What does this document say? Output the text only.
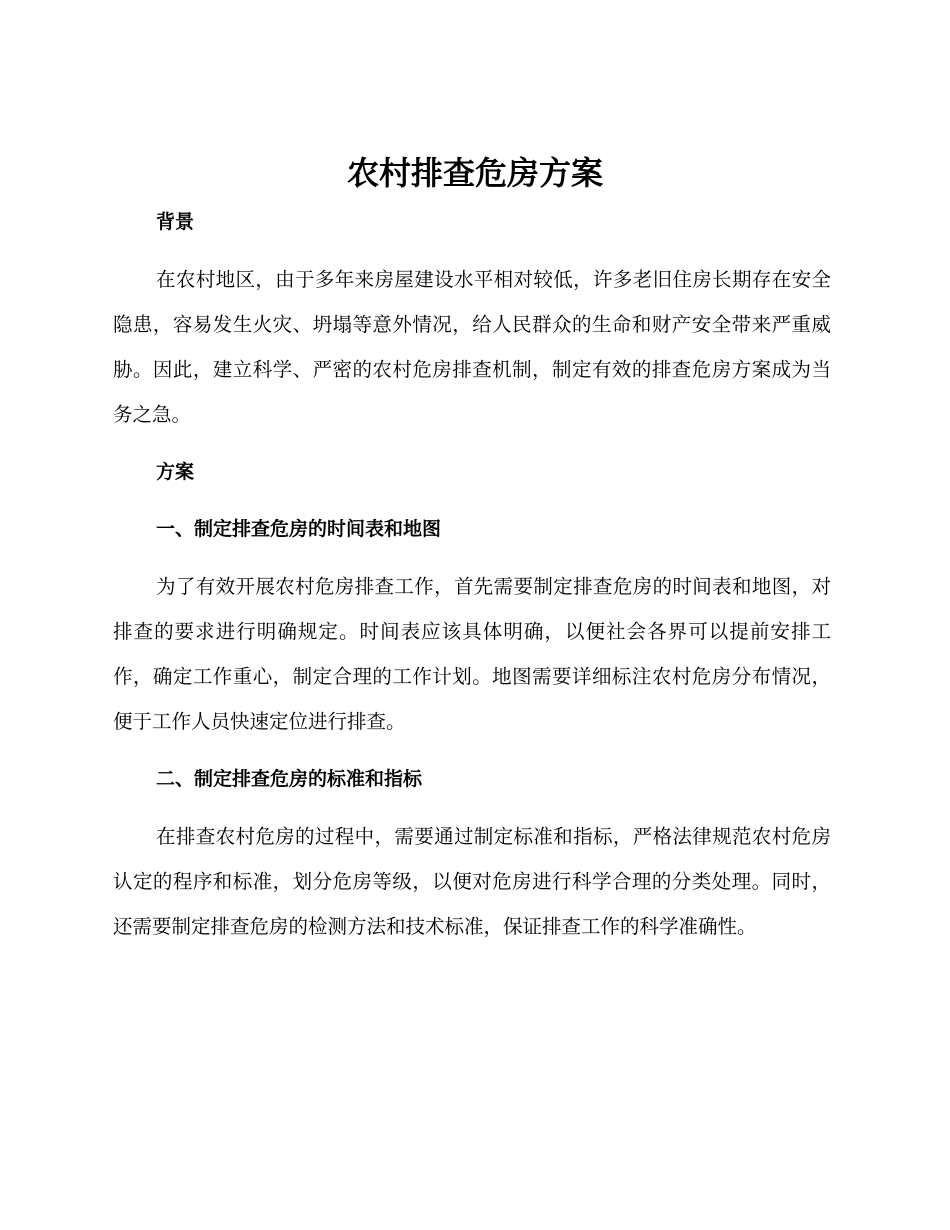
农村排查危房方案
背景

在农村地区，由于多年来房屋建设水平相对较低，许多老旧住房长期存在安全隐患，容易发生火灾、坍塌等意外情况，给人民群众的生命和财产安全带来严重威胁。因此，建立科学、严密的农村危房排查机制，制定有效的排查危房方案成为当务之急。

方案
一、制定排查危房的时间表和地图

为了有效开展农村危房排查工作，首先需要制定排查危房的时间表和地图，对排查的要求进行明确规定。时间表应该具体明确，以便社会各界可以提前安排工作，确定工作重心，制定合理的工作计划。地图需要详细标注农村危房分布情况，便于工作人员快速定位进行排查。

二、制定排查危房的标准和指标

在排查农村危房的过程中，需要通过制定标准和指标，严格法律规范农村危房认定的程序和标准，划分危房等级，以便对危房进行科学合理的分类处理。同时，还需要制定排查危房的检测方法和技术标准，保证排查工作的科学准确性。
